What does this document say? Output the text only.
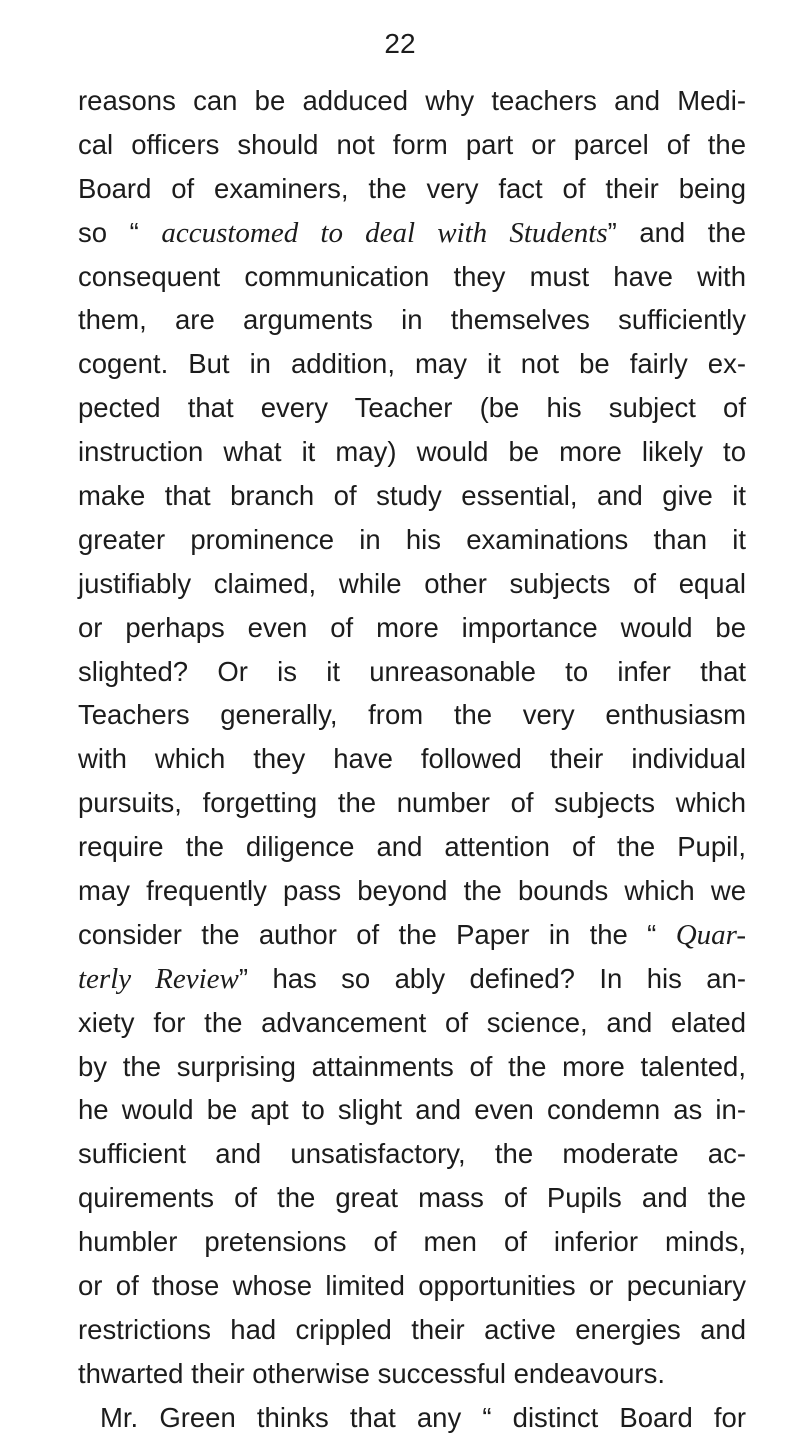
22
reasons can be adduced why teachers and Medi-
cal officers should not form part or parcel of the
Board of examiners, the very fact of their being
so “ accustomed to deal with Students” and the
consequent communication they must have with
them, are arguments in themselves sufficiently
cogent. But in addition, may it not be fairly ex-
pected that every Teacher (be his subject of
instruction what it may) would be more likely to
make that branch of study essential, and give it
greater prominence in his examinations than it
justifiably claimed, while other subjects of equal
or perhaps even of more importance would be
slighted? Or is it unreasonable to infer that
Teachers generally, from the very enthusiasm
with which they have followed their individual
pursuits, forgetting the number of subjects which
require the diligence and attention of the Pupil,
may frequently pass beyond the bounds which we
consider the author of the Paper in the “ Quar-
terly Review” has so ably defined? In his an-
xiety for the advancement of science, and elated
by the surprising attainments of the more talented,
he would be apt to slight and even condemn as in-
sufficient and unsatisfactory, the moderate ac-
quirements of the great mass of Pupils and the
humbler pretensions of men of inferior minds,
or of those whose limited opportunities or pecuniary
restrictions had crippled their active energies and
thwarted their otherwise successful endeavours.
Mr. Green thinks that any “ distinct Board for
